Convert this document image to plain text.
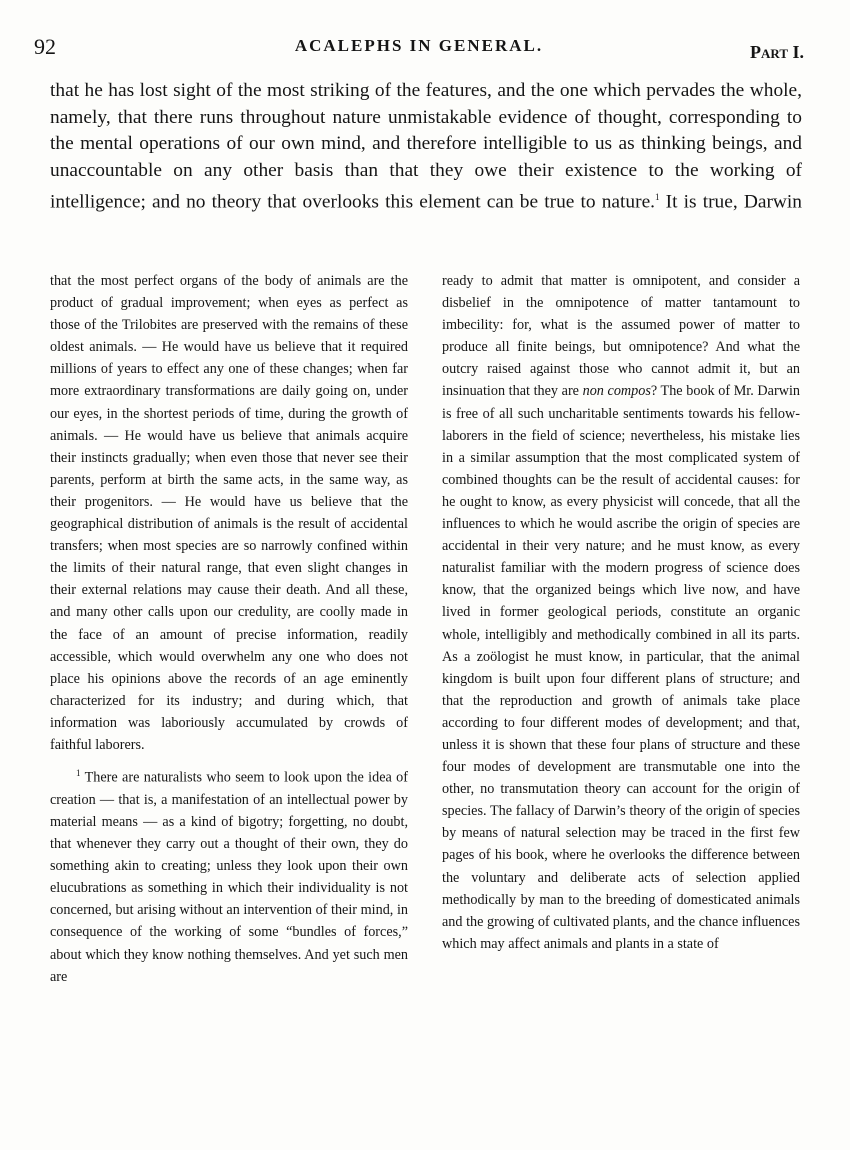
92	ACALEPHS IN GENERAL.	Part I.

that he has lost sight of the most striking of the features, and the one which pervades the whole, namely, that there runs throughout nature unmistakable evidence of thought, corresponding to the mental operations of our own mind, and therefore intelligible to us as thinking beings, and unaccountable on any other basis than that they owe their existence to the working of intelligence; and no theory that overlooks this element can be true to nature.$^1$ It is true, Darwin

that the most perfect organs of the body of animals are the product of gradual improvement; when eyes as perfect as those of the Trilobites are preserved with the remains of these oldest animals. — He would have us believe that it required millions of years to effect any one of these changes; when far more extraordinary transformations are daily going on, under our eyes, in the shortest periods of time, during the growth of animals. — He would have us believe that animals acquire their instincts gradually; when even those that never see their parents, perform at birth the same acts, in the same way, as their progenitors. — He would have us believe that the geographical distribution of animals is the result of accidental transfers; when most species are so narrowly confined within the limits of their natural range, that even slight changes in their external relations may cause their death. And all these, and many other calls upon our credulity, are coolly made in the face of an amount of precise information, readily accessible, which would overwhelm any one who does not place his opinions above the records of an age eminently characterized for its industry; and during which, that information was laboriously accumulated by crowds of faithful laborers.

$^1$ There are naturalists who seem to look upon the idea of creation — that is, a manifestation of an intellectual power by material means — as a kind of bigotry; forgetting, no doubt, that whenever they carry out a thought of their own, they do something akin to creating; unless they look upon their own elucubrations as something in which their individuality is not concerned, but arising without an intervention of their mind, in consequence of the working of some “bundles of forces,” about which they know nothing themselves. And yet such men are

ready to admit that matter is omnipotent, and consider a disbelief in the omnipotence of matter tantamount to imbecility: for, what is the assumed power of matter to produce all finite beings, but omnipotence? And what the outcry raised against those who cannot admit it, but an insinuation that they are non compos? The book of Mr. Darwin is free of all such uncharitable sentiments towards his fellow-laborers in the field of science; nevertheless, his mistake lies in a similar assumption that the most complicated system of combined thoughts can be the result of accidental causes: for he ought to know, as every physicist will concede, that all the influences to which he would ascribe the origin of species are accidental in their very nature; and he must know, as every naturalist familiar with the modern progress of science does know, that the organized beings which live now, and have lived in former geological periods, constitute an organic whole, intelligibly and methodically combined in all its parts. As a zoölogist he must know, in particular, that the animal kingdom is built upon four different plans of structure; and that the reproduction and growth of animals take place according to four different modes of development; and that, unless it is shown that these four plans of structure and these four modes of development are transmutable one into the other, no transmutation theory can account for the origin of species. The fallacy of Darwin’s theory of the origin of species by means of natural selection may be traced in the first few pages of his book, where he overlooks the difference between the voluntary and deliberate acts of selection applied methodically by man to the breeding of domesticated animals and the growing of cultivated plants, and the chance influences which may affect animals and plants in a state of
